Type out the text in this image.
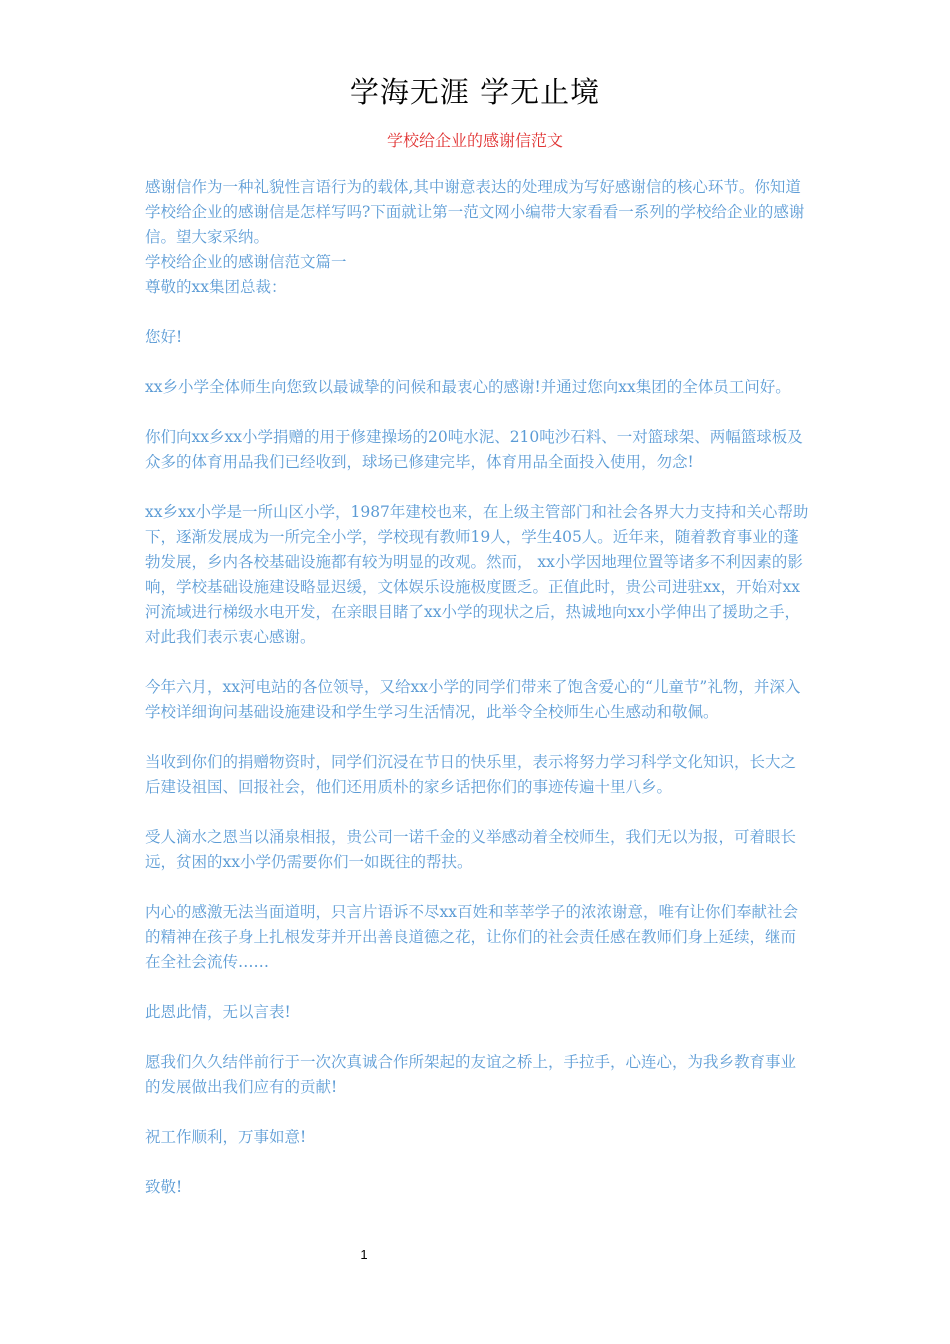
学海无涯 学无止境
学校给企业的感谢信范文

感谢信作为一种礼貌性言语行为的载体,其中谢意表达的处理成为写好感谢信的核心环节。你知道学校给企业的感谢信是怎样写吗?下面就让第一范文网小编带大家看看一系列的学校给企业的感谢信。望大家采纳。

学校给企业的感谢信范文篇一

尊敬的xx集团总裁：

您好!

xx乡小学全体师生向您致以最诚挚的问候和最衷心的感谢!并通过您向xx集团的全体员工问好。

你们向xx乡xx小学捐赠的用于修建操场的20吨水泥、210吨沙石料、一对篮球架、两幅篮球板及众多的体育用品我们已经收到，球场已修建完毕，体育用品全面投入使用，勿念!

xx乡xx小学是一所山区小学，1987年建校也来，在上级主管部门和社会各界大力支持和关心帮助下，逐渐发展成为一所完全小学，学校现有教师19人，学生405人。近年来，随着教育事业的蓬勃发展，乡内各校基础设施都有较为明显的改观。然而， xx小学因地理位置等诸多不利因素的影响，学校基础设施建设略显迟缓，文体娱乐设施极度匮乏。正值此时，贵公司进驻xx，开始对xx河流域进行梯级水电开发，在亲眼目睹了xx小学的现状之后，热诚地向xx小学伸出了援助之手，对此我们表示衷心感谢。

今年六月，xx河电站的各位领导，又给xx小学的同学们带来了饱含爱心的“儿童节”礼物，并深入学校详细询问基础设施建设和学生学习生活情况，此举令全校师生心生感动和敬佩。

当收到你们的捐赠物资时，同学们沉浸在节日的快乐里，表示将努力学习科学文化知识，长大之后建设祖国、回报社会，他们还用质朴的家乡话把你们的事迹传遍十里八乡。

受人滴水之恩当以涌泉相报，贵公司一诺千金的义举感动着全校师生，我们无以为报，可着眼长远，贫困的xx小学仍需要你们一如既往的帮扶。

内心的感激无法当面道明，只言片语诉不尽xx百姓和莘莘学子的浓浓谢意，唯有让你们奉献社会的精神在孩子身上扎根发芽并开出善良道德之花，让你们的社会责任感在教师们身上延续，继而在全社会流传……

此恩此情，无以言表!

愿我们久久结伴前行于一次次真诚合作所架起的友谊之桥上，手拉手，心连心，为我乡教育事业的发展做出我们应有的贡献!

祝工作顺利，万事如意!

致敬!

1
